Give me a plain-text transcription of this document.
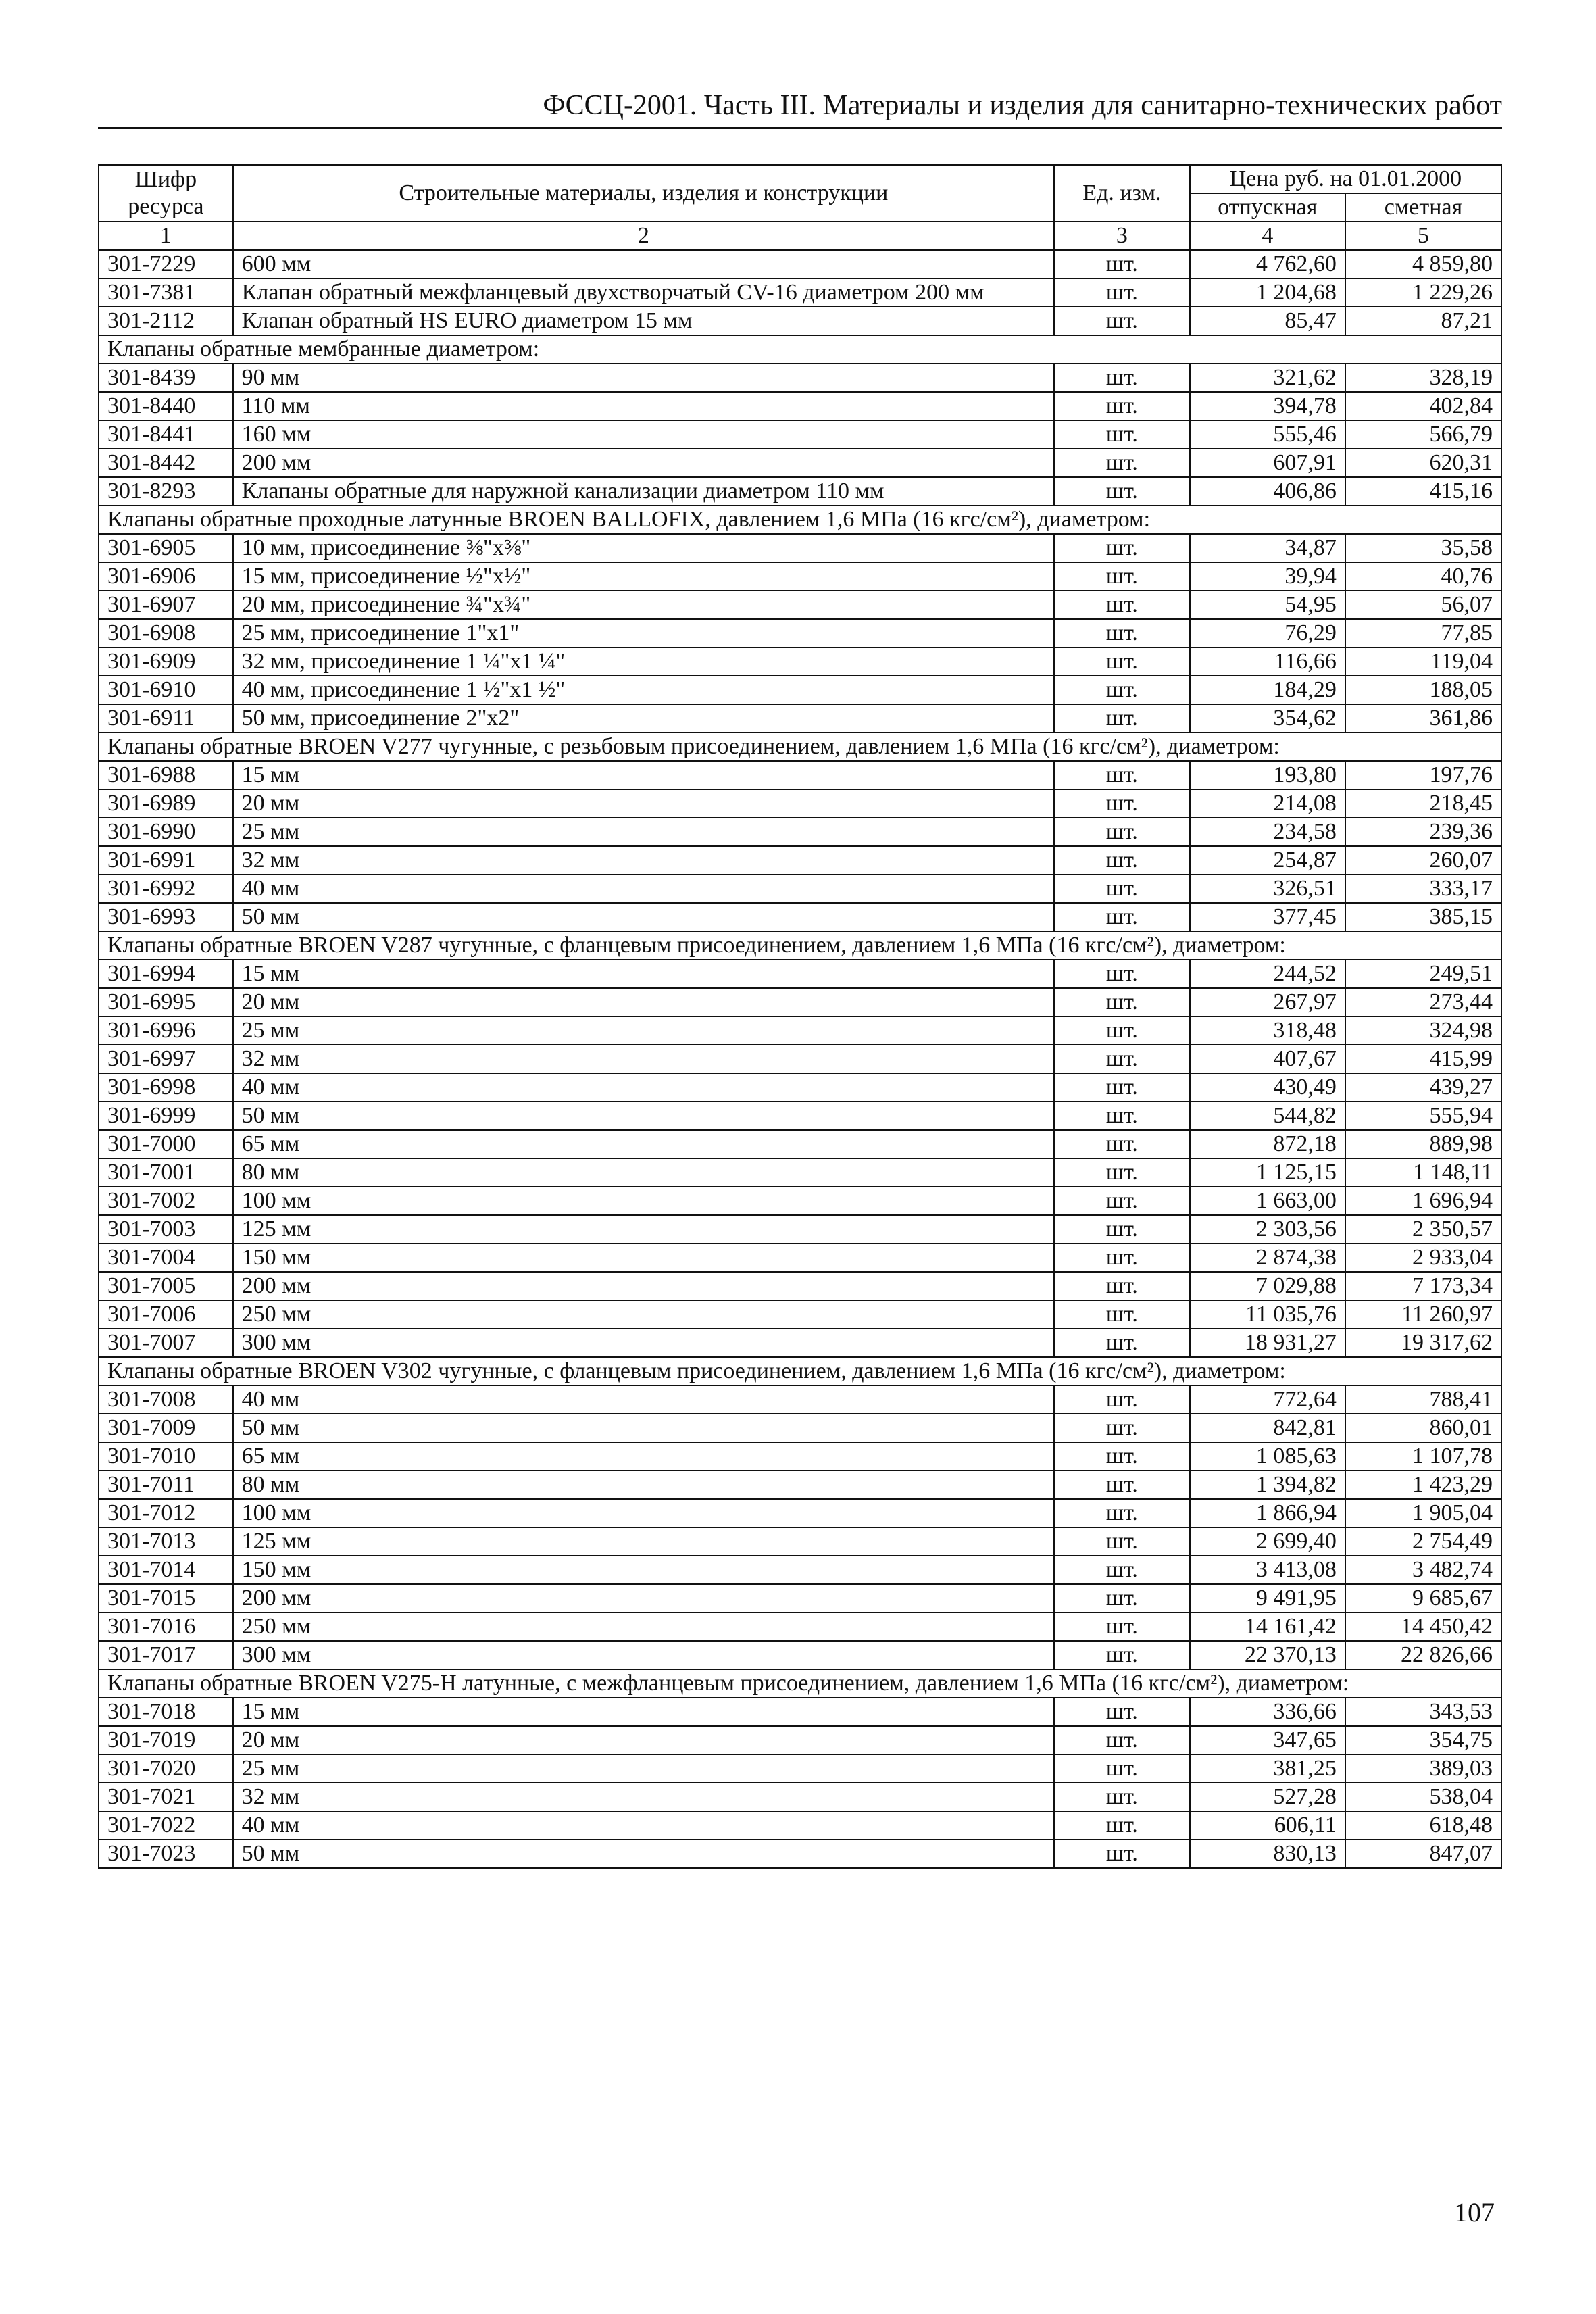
ФССЦ-2001. Часть III. Материалы и изделия для санитарно-технических работ
Шифр ресурса	Строительные материалы, изделия и конструкции	Ед. изм.	Цена руб. на 01.01.2000	
			отпускная	сметная
1	2	3	4	5
301-7229	600 мм	шт.	4 762,60	4 859,80
301-7381	Клапан обратный межфланцевый двухстворчатый CV-16 диаметром 200 мм	шт.	1 204,68	1 229,26
301-2112	Клапан обратный HS EURO диаметром 15 мм	шт.	85,47	87,21
Клапаны обратные мембранные диаметром:				
301-8439	90 мм	шт.	321,62	328,19
301-8440	110 мм	шт.	394,78	402,84
301-8441	160 мм	шт.	555,46	566,79
301-8442	200 мм	шт.	607,91	620,31
301-8293	Клапаны обратные для наружной канализации диаметром 110 мм	шт.	406,86	415,16
Клапаны обратные проходные латунные BROEN BALLOFIX, давлением 1,6 МПа (16 кгс/см²), диаметром:				
301-6905	10 мм, присоединение ⅜"x⅜"	шт.	34,87	35,58
301-6906	15 мм, присоединение ½"x½"	шт.	39,94	40,76
301-6907	20 мм, присоединение ¾"x¾"	шт.	54,95	56,07
301-6908	25 мм, присоединение 1"x1"	шт.	76,29	77,85
301-6909	32 мм, присоединение 1 ¼"x1 ¼"	шт.	116,66	119,04
301-6910	40 мм, присоединение 1 ½"x1 ½"	шт.	184,29	188,05
301-6911	50 мм, присоединение 2"x2"	шт.	354,62	361,86
Клапаны обратные BROEN V277 чугунные, с резьбовым присоединением, давлением 1,6 МПа (16 кгс/см²), диаметром:				
301-6988	15 мм	шт.	193,80	197,76
301-6989	20 мм	шт.	214,08	218,45
301-6990	25 мм	шт.	234,58	239,36
301-6991	32 мм	шт.	254,87	260,07
301-6992	40 мм	шт.	326,51	333,17
301-6993	50 мм	шт.	377,45	385,15
Клапаны обратные BROEN V287 чугунные, с фланцевым присоединением, давлением 1,6 МПа (16 кгс/см²), диаметром:				
301-6994	15 мм	шт.	244,52	249,51
301-6995	20 мм	шт.	267,97	273,44
301-6996	25 мм	шт.	318,48	324,98
301-6997	32 мм	шт.	407,67	415,99
301-6998	40 мм	шт.	430,49	439,27
301-6999	50 мм	шт.	544,82	555,94
301-7000	65 мм	шт.	872,18	889,98
301-7001	80 мм	шт.	1 125,15	1 148,11
301-7002	100 мм	шт.	1 663,00	1 696,94
301-7003	125 мм	шт.	2 303,56	2 350,57
301-7004	150 мм	шт.	2 874,38	2 933,04
301-7005	200 мм	шт.	7 029,88	7 173,34
301-7006	250 мм	шт.	11 035,76	11 260,97
301-7007	300 мм	шт.	18 931,27	19 317,62
Клапаны обратные BROEN V302 чугунные, с фланцевым присоединением, давлением 1,6 МПа (16 кгс/см²), диаметром:				
301-7008	40 мм	шт.	772,64	788,41
301-7009	50 мм	шт.	842,81	860,01
301-7010	65 мм	шт.	1 085,63	1 107,78
301-7011	80 мм	шт.	1 394,82	1 423,29
301-7012	100 мм	шт.	1 866,94	1 905,04
301-7013	125 мм	шт.	2 699,40	2 754,49
301-7014	150 мм	шт.	3 413,08	3 482,74
301-7015	200 мм	шт.	9 491,95	9 685,67
301-7016	250 мм	шт.	14 161,42	14 450,42
301-7017	300 мм	шт.	22 370,13	22 826,66
Клапаны обратные BROEN V275-H латунные, с межфланцевым присоединением, давлением 1,6 МПа (16 кгс/см²), диаметром:				
301-7018	15 мм	шт.	336,66	343,53
301-7019	20 мм	шт.	347,65	354,75
301-7020	25 мм	шт.	381,25	389,03
301-7021	32 мм	шт.	527,28	538,04
301-7022	40 мм	шт.	606,11	618,48
301-7023	50 мм	шт.	830,13	847,07
107
